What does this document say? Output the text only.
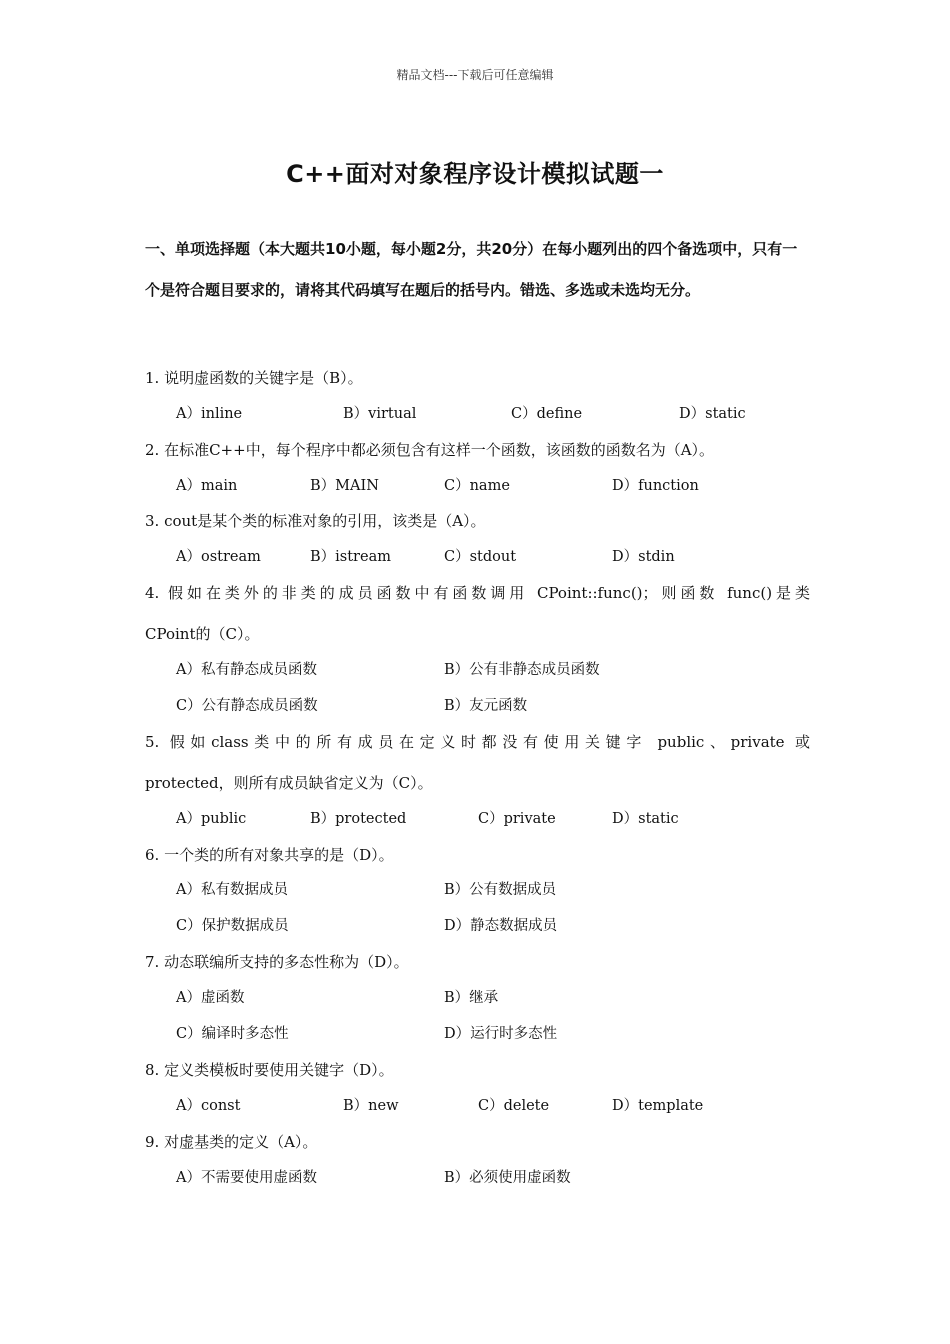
精品文档---下载后可任意编辑
C++面对对象程序设计模拟试题一
一、单项选择题（本大题共10小题，每小题2分，共20分）在每小题列出的四个备选项中，只有一个是符合题目要求的，请将其代码填写在题后的括号内。错选、多选或未选均无分。
1. 说明虚函数的关键字是（B）。
A）inline	B）virtual	C）define	D）static
2. 在标准C++中，每个程序中都必须包含有这样一个函数，该函数的函数名为（A）。
A）main	B）MAIN	C）name	D）function
3. cout是某个类的标准对象的引用，该类是（A）。
A）ostream	B）istream	C）stdout	D）stdin
4. 假如在类外的非类的成员函数中有函数调用 CPoint::func()；则函数 func()是类
CPoint的（C）。
A）私有静态成员函数	B）公有非静态成员函数
C）公有静态成员函数	B）友元函数
5. 假如class类中的所有成员在定义时都没有使用关键字 public、private 或
protected，则所有成员缺省定义为（C）。
A）public	B）protected	C）private	D）static
6. 一个类的所有对象共享的是（D）。
A）私有数据成员	B）公有数据成员
C）保护数据成员	D）静态数据成员
7. 动态联编所支持的多态性称为（D）。
A）虚函数	B）继承
C）编译时多态性	D）运行时多态性
8. 定义类模板时要使用关键字（D）。
A）const	B）new	C）delete	D）template
9. 对虚基类的定义（A）。
A）不需要使用虚函数	B）必须使用虚函数
